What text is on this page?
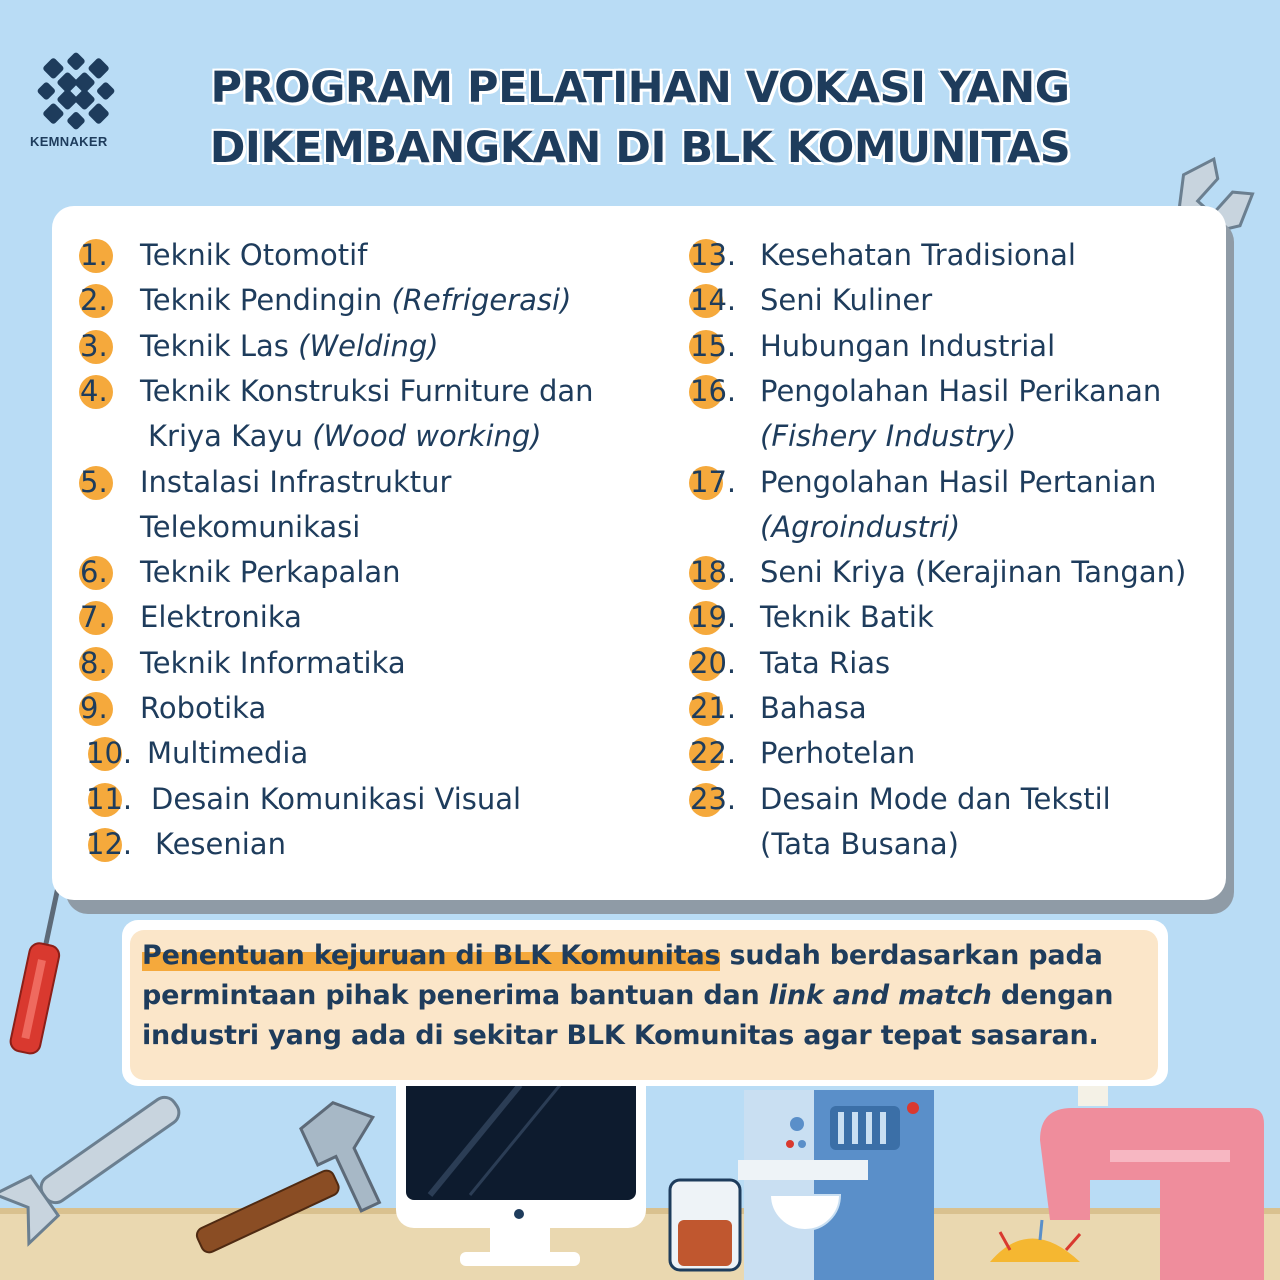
KEMNAKER
PROGRAM PELATIHAN VOKASI YANG
DIKEMBANGKAN DI BLK KOMUNITAS
1. Teknik Otomotif
2. Teknik Pendingin (Refrigerasi)
3. Teknik Las (Welding)
4. Teknik Konstruksi Furniture dan
Kriya Kayu (Wood working)
5. Instalasi Infrastruktur
Telekomunikasi
6. Teknik Perkapalan
7. Elektronika
8. Teknik Informatika
9. Robotika
10. Multimedia
11. Desain Komunikasi Visual
12. Kesenian
13. Kesehatan Tradisional
14. Seni Kuliner
15. Hubungan Industrial
16. Pengolahan Hasil Perikanan
(Fishery Industry)
17. Pengolahan Hasil Pertanian
(Agroindustri)
18. Seni Kriya (Kerajinan Tangan)
19. Teknik Batik
20. Tata Rias
21. Bahasa
22. Perhotelan
23. Desain Mode dan Tekstil
(Tata Busana)
Penentuan kejuruan di BLK Komunitas sudah berdasarkan pada
permintaan pihak penerima bantuan dan link and match dengan
industri yang ada di sekitar BLK Komunitas agar tepat sasaran.
